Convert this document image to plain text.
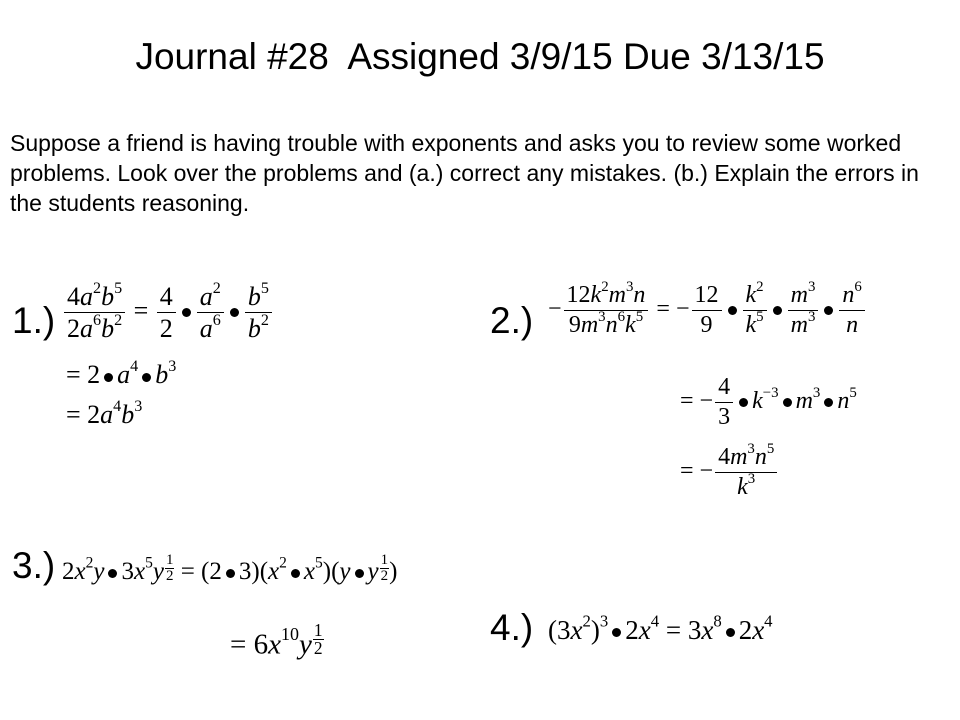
Journal #28  Assigned 3/9/15 Due 3/13/15
Suppose a friend is having trouble with exponents and asks you to review some worked problems. Look over the problems and (a.) correct any mistakes. (b.) Explain the errors in the students reasoning.
$1.) \frac{4a^2b^5}{2a^6b^2} = \frac{4}{2} \frac{a^2}{a^6} \frac{b^5}{b^2}$
= 2 $a^4$ $b^3$
= $2a^4b^3$
$2.) - \frac{12k^2m^3n}{9m^3n^6k^5}$ = − $\frac{12}{9} \frac{k^2}{k^5} \frac{m^3}{m^3} \frac{n^6}{n}$
= − $\frac{4}{3} k^{-3}$ $m^3$ $n^5$
= − $\frac{4m^3n^5}{k^3}$
3.) $2x^2y$ $3x^5y \frac{1}{2} = (2$ $3)(x^2$ $x^5)(y$ y $\frac{1}{2}$ )
= $6x^{10}y \frac{1}{2}$	4.) $(3x^2)^3$ $2x^4 = 3x^8$ $2x^4$
